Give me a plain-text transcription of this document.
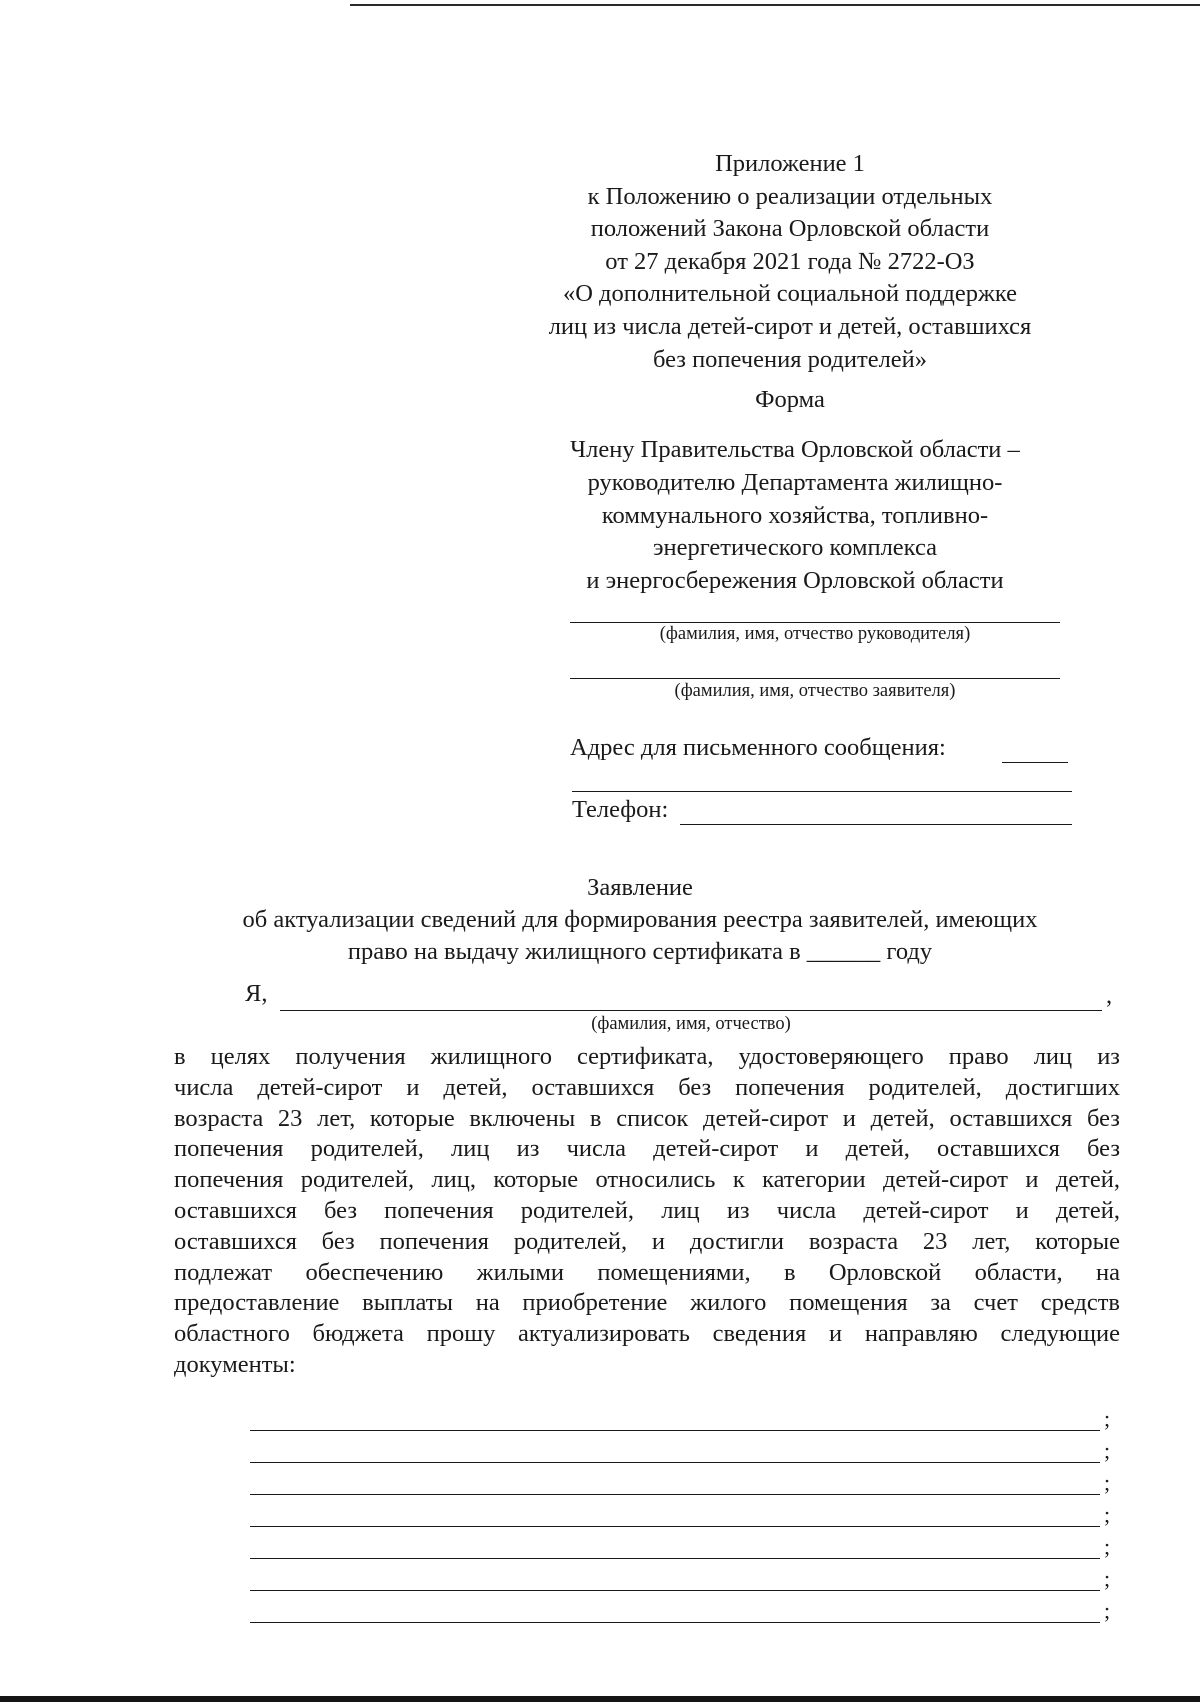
Приложение 1
к Положению о реализации отдельных
положений Закона Орловской области
от 27 декабря 2021 года № 2722-ОЗ
«О дополнительной социальной поддержке
лиц из числа детей-сирот и детей, оставшихся
без попечения родителей»
Форма
Члену Правительства Орловской области –
руководителю Департамента жилищно-
коммунального хозяйства, топливно-
энергетического комплекса
и энергосбережения Орловской области
(фамилия, имя, отчество руководителя)
(фамилия, имя, отчество заявителя)
Адрес для письменного сообщения:
Телефон:
Заявление
об актуализации сведений для формирования реестра заявителей, имеющих
право на выдачу жилищного сертификата в ______ году
Я,	,
(фамилия, имя, отчество)
в целях получения жилищного сертификата, удостоверяющего право лиц из
числа детей-сирот и детей, оставшихся без попечения родителей, достигших
возраста 23 лет, которые включены в список детей-сирот и детей, оставшихся без
попечения родителей, лиц из числа детей-сирот и детей, оставшихся без
попечения родителей, лиц, которые относились к категории детей-сирот и детей,
оставшихся без попечения родителей, лиц из числа детей-сирот и детей,
оставшихся без попечения родителей, и достигли возраста 23 лет, которые
подлежат обеспечению жилыми помещениями, в Орловской области, на
предоставление выплаты на приобретение жилого помещения за счет средств
областного бюджета прошу актуализировать сведения и направляю следующие
документы:
;
;
;
;
;
;
;
